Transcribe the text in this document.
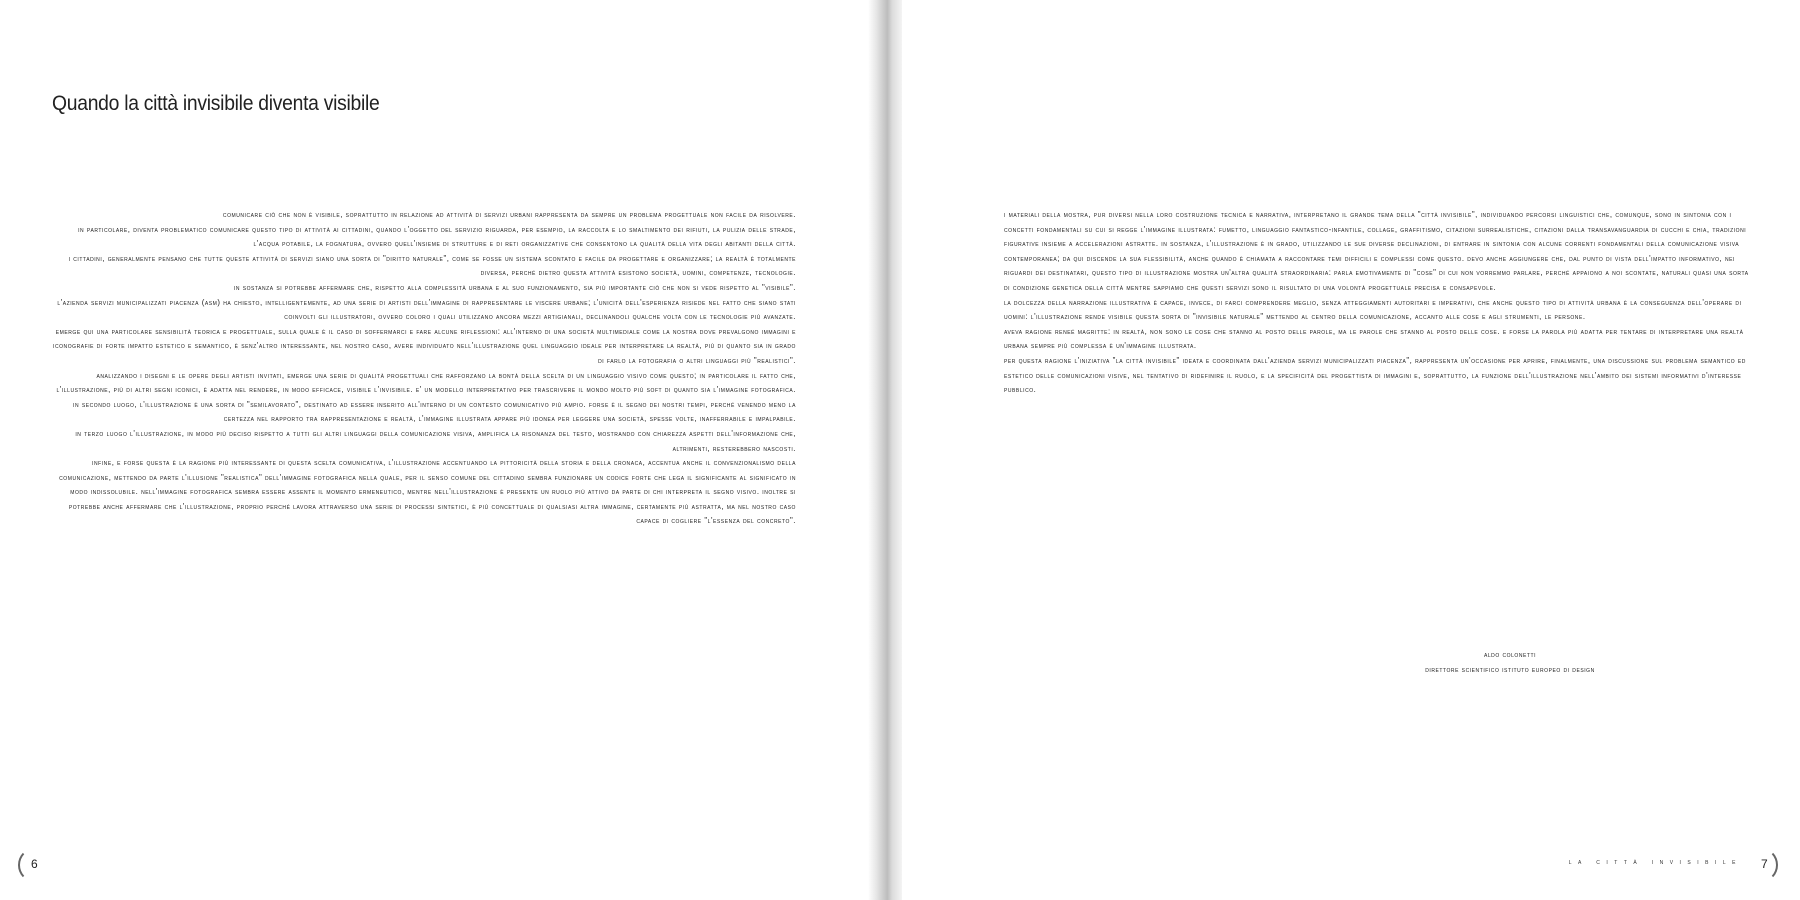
Quando la città invisibile diventa visibile

comunicare ciò che non è visibile, soprattutto in relazione ad attività di servizi urbani rappresenta da sempre un problema progettuale non facile da risolvere.

in particolare, diventa problematico comunicare questo tipo di attività ai cittadini, quando l'oggetto del servizio riguarda, per esempio, la raccolta e lo smaltimento dei rifiuti, la pulizia delle strade, l'acqua potabile, la fognatura, ovvero quell'insieme di strutture e di reti organizzative che consentono la qualità della vita degli abitanti della città.

i cittadini, generalmente pensano che tutte queste attività di servizi siano una sorta di "diritto naturale", come se fosse un sistema scontato e facile da progettare e organizzare; la realtà è totalmente diversa, perché dietro questa attività esistono società, uomini, competenze, tecnologie.

in sostanza si potrebbe affermare che, rispetto alla complessità urbana e al suo funzionamento, sia più importante ciò che non si vede rispetto al "visibile".

l'azienda servizi municipalizzati piacenza (asm) ha chiesto, intelligentemente, ad una serie di artisti dell'immagine di rappresentare le viscere urbane; l'unicità dell'esperienza risiede nel fatto che siano stati coinvolti gli illustratori, ovvero coloro i quali utilizzano ancora mezzi artigianali, declinandoli qualche volta con le tecnologie più avanzate.

emerge qui una particolare sensibilità teorica e progettuale, sulla quale è il caso di soffermarci e fare alcune riflessioni: all'interno di una società multimediale come la nostra dove prevalgono immagini e iconografie di forte impatto estetico e semantico, è senz'altro interessante, nel nostro caso, avere individuato nell'illustrazione quel linguaggio ideale per interpretare la realtà, più di quanto sia in grado di farlo la fotografia o altri linguaggi più "realistici".

analizzando i disegni e le opere degli artisti invitati, emerge una serie di qualità progettuali che rafforzano la bontà della scelta di un linguaggio visivo come questo; in particolare il fatto che, l'illustrazione, più di altri segni iconici, è adatta nel rendere, in modo efficace, visibile l'invisibile. e' un modello interpretativo per trascrivere il mondo molto più soft di quanto sia l'immagine fotografica.

in secondo luogo, l'illustrazione è una sorta di "semilavorato", destinato ad essere inserito all'interno di un contesto comunicativo più ampio. forse è il segno dei nostri tempi, perché venendo meno la certezza nel rapporto tra rappresentazione e realtà, l'immagine illustrata appare più idonea per leggere una società, spesse volte, inafferrabile e impalpabile.

in terzo luogo l'illustrazione, in modo più deciso rispetto a tutti gli altri linguaggi della comunicazione visiva, amplifica la risonanza del testo, mostrando con chiarezza aspetti dell'informazione che, altrimenti, resterebbero nascosti.

infine, e forse questa è la ragione più interessante di questa scelta comunicativa, l'illustrazione accentuando la pittoricità della storia e della cronaca, accentua anche il convenzionalismo della comunicazione, mettendo da parte l'illusione "realistica" dell'immagine fotografica nella quale, per il senso comune del cittadino sembra funzionare un codice forte che lega il significante al significato in modo indissolubile. nell'immagine fotografica sembra essere assente il momento ermeneutico, mentre nell'illustrazione è presente un ruolo più attivo da parte di chi interpreta il segno visivo. inoltre si potrebbe anche affermare che l'illustrazione, proprio perché lavora attraverso una serie di processi sintetici, è più concettuale di qualsiasi altra immagine, certamente più astratta, ma nel nostro caso capace di cogliere "l'essenza del concreto".

6

i materiali della mostra, pur diversi nella loro costruzione tecnica e narrativa, interpretano il grande tema della "città invisibile", individuando percorsi linguistici che, comunque, sono in sintonia con i concetti fondamentali su cui si regge l'immagine illustrata: fumetto, linguaggio fantastico-infantile, collage, graffitismo, citazioni surrealistiche, citazioni dalla transavanguardia di cucchi e chia, tradizioni figurative insieme a accelerazioni astratte. in sostanza, l'illustrazione è in grado, utilizzando le sue diverse declinazioni, di entrare in sintonia con alcune correnti fondamentali della comunicazione visiva contemporanea; da qui discende la sua flessibilità, anche quando è chiamata a raccontare temi difficili e complessi come questo. devo anche aggiungere che, dal punto di vista dell'impatto informativo, nei riguardi dei destinatari, questo tipo di illustrazione mostra un'altra qualità straordinaria: parla emotivamente di "cose" di cui non vorremmo parlare, perché appaiono a noi scontate, naturali quasi una sorta di condizione genetica della città mentre sappiamo che questi servizi sono il risultato di una volontà progettuale precisa e consapevole.

la dolcezza della narrazione illustrativa è capace, invece, di farci comprendere meglio, senza atteggiamenti autoritari e imperativi, che anche questo tipo di attività urbana è la conseguenza dell'operare di uomini: l'illustrazione rende visibile questa sorta di "invisibile naturale" mettendo al centro della comunicazione, accanto alle cose e agli strumenti, le persone.

aveva ragione reneé magritte: in realtà, non sono le cose che stanno al posto delle parole, ma le parole che stanno al posto delle cose. e forse la parola più adatta per tentare di interpretare una realtà urbana sempre più complessa è un'immagine illustrata.

per questa ragione l'iniziativa "la città invisibile" ideata e coordinata dall'azienda servizi municipalizzati piacenza", rappresenta un'occasione per aprire, finalmente, una discussione sul problema semantico ed estetico delle comunicazioni visive, nel tentativo di ridefinire il ruolo, e la specificità del progettista di immagini e, soprattutto, la funzione dell'illustrazione nell'ambito dei sistemi informativi d'interesse pubblico.

aldo colonetti
direttore scientifico istituto europeo di design
la città invisibile	7
